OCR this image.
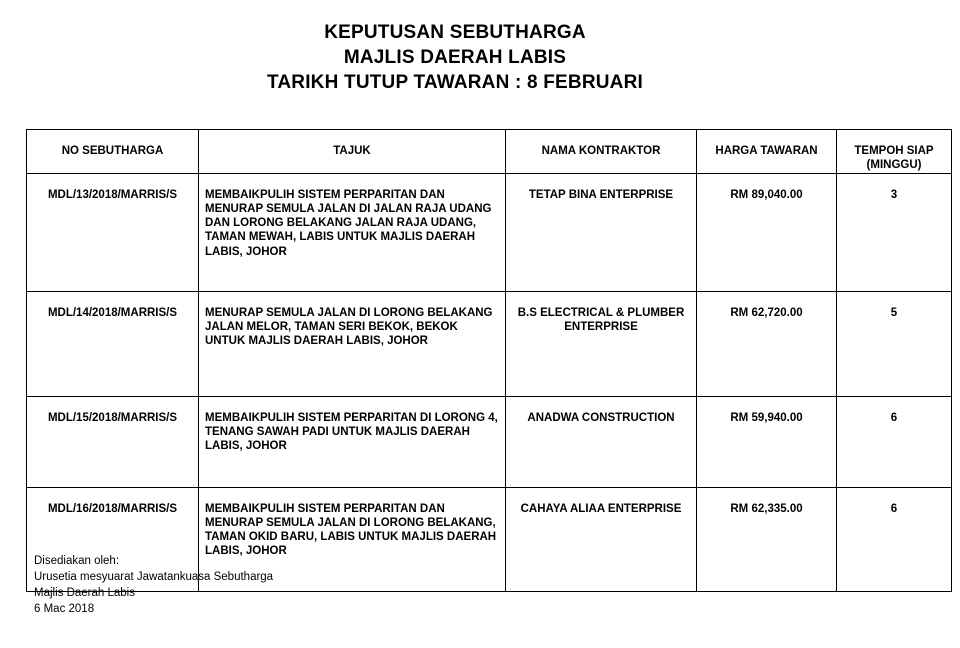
KEPUTUSAN SEBUTHARGA
MAJLIS DAERAH LABIS
TARIKH TUTUP TAWARAN : 8 FEBRUARI
NO SEBUTHARGA	TAJUK	NAMA KONTRAKTOR	HARGA TAWARAN	TEMPOH SIAP
(MINGGU)

MDL/13/2018/MARRIS/S	MEMBAIKPULIH SISTEM PERPARITAN DAN MENURAP SEMULA JALAN DI JALAN RAJA UDANG DAN LORONG BELAKANG JALAN RAJA UDANG, TAMAN MEWAH, LABIS UNTUK MAJLIS DAERAH LABIS, JOHOR	TETAP BINA ENTERPRISE	RM 89,040.00	3
MDL/14/2018/MARRIS/S	MENURAP SEMULA JALAN DI LORONG BELAKANG JALAN MELOR, TAMAN SERI BEKOK, BEKOK UNTUK MAJLIS DAERAH LABIS, JOHOR	B.S ELECTRICAL & PLUMBER ENTERPRISE	RM 62,720.00	5
MDL/15/2018/MARRIS/S	MEMBAIKPULIH SISTEM PERPARITAN DI LORONG 4, TENANG SAWAH PADI UNTUK MAJLIS DAERAH LABIS, JOHOR	ANADWA CONSTRUCTION	RM 59,940.00	6
MDL/16/2018/MARRIS/S	MEMBAIKPULIH SISTEM PERPARITAN DAN MENURAP SEMULA JALAN DI LORONG BELAKANG, TAMAN OKID BARU, LABIS UNTUK MAJLIS DAERAH LABIS, JOHOR	CAHAYA ALIAA ENTERPRISE	RM 62,335.00	6
Disediakan oleh:
Urusetia mesyuarat Jawatankuasa Sebutharga
Majlis Daerah Labis
6 Mac 2018
